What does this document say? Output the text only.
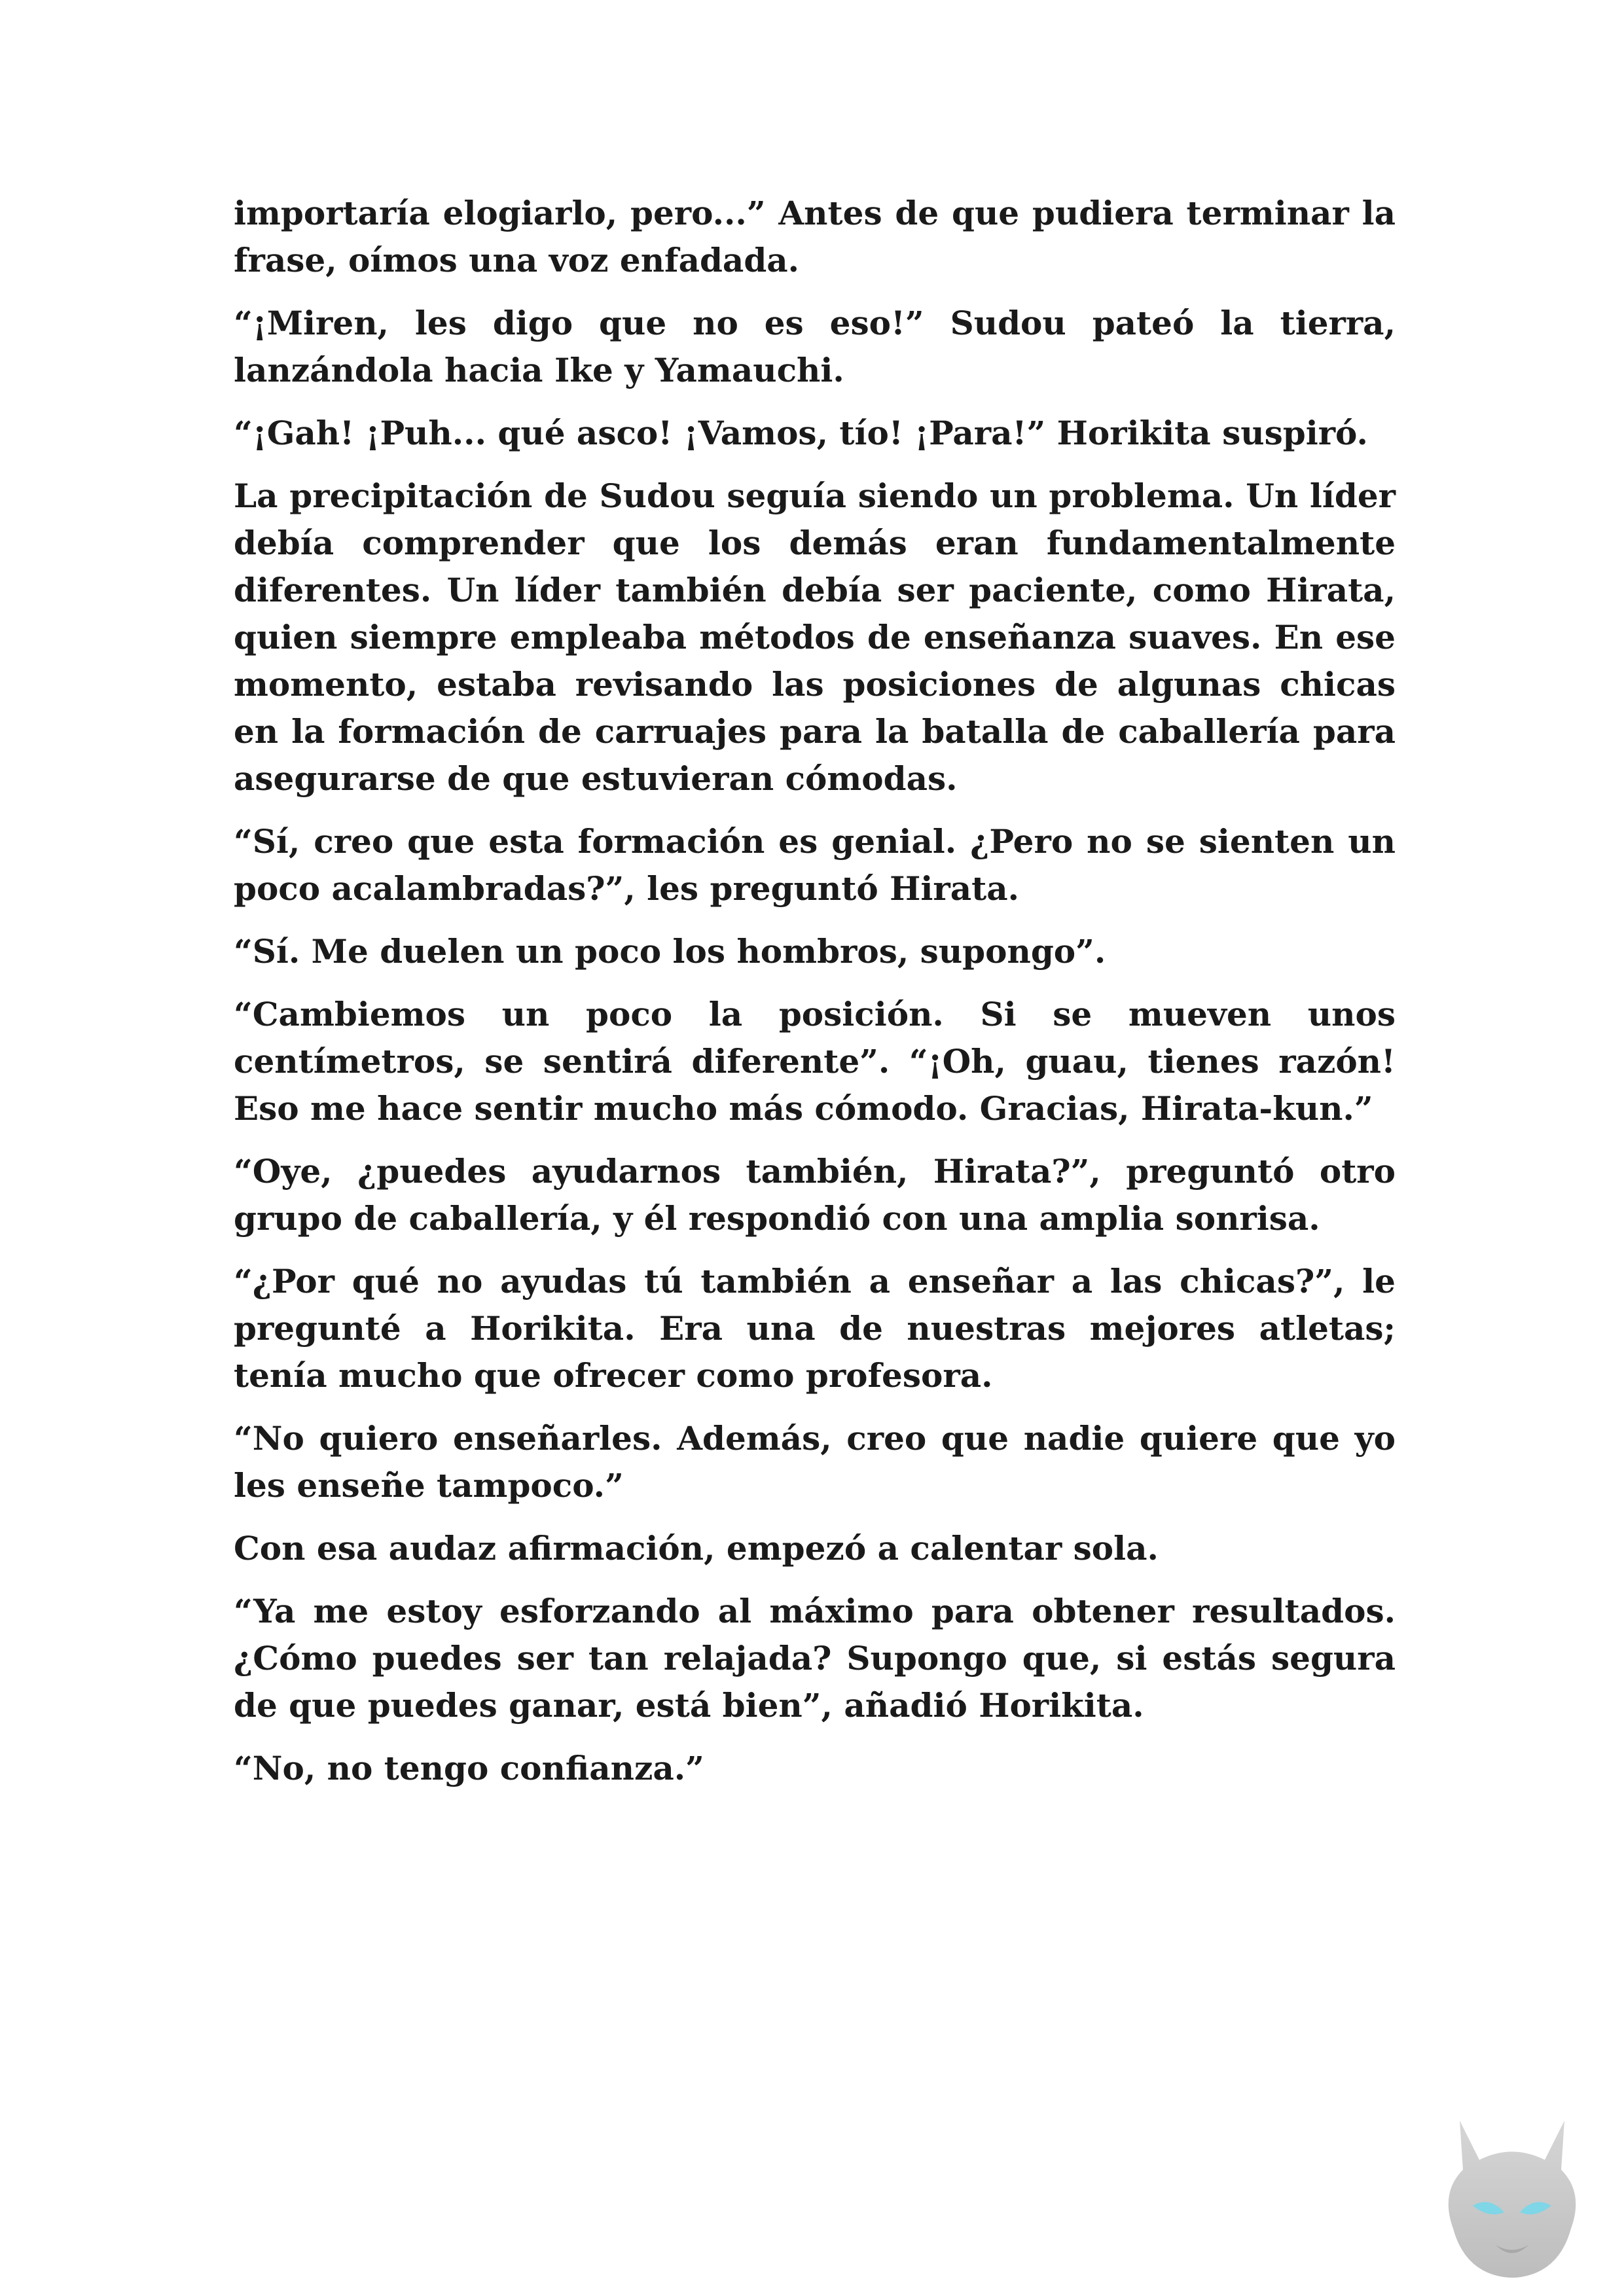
importaría elogiarlo, pero...” Antes de que pudiera terminar la frase, oímos una voz enfadada.

“¡Miren, les digo que no es eso!” Sudou pateó la tierra, lanzándola hacia Ike y Yamauchi.

“¡Gah! ¡Puh... qué asco! ¡Vamos, tío! ¡Para!” Horikita suspiró.

La precipitación de Sudou seguía siendo un problema. Un líder debía comprender que los demás eran fundamentalmente diferentes. Un líder también debía ser paciente, como Hirata, quien siempre empleaba métodos de enseñanza suaves. En ese momento, estaba revisando las posiciones de algunas chicas en la formación de carruajes para la batalla de caballería para asegurarse de que estuvieran cómodas.

“Sí, creo que esta formación es genial. ¿Pero no se sienten un poco acalambradas?”, les preguntó Hirata.

“Sí. Me duelen un poco los hombros, supongo”.

“Cambiemos un poco la posición. Si se mueven unos centímetros, se sentirá diferente”. “¡Oh, guau, tienes razón! Eso me hace sentir mucho más cómodo. Gracias, Hirata-kun.”

“Oye, ¿puedes ayudarnos también, Hirata?”, preguntó otro grupo de caballería, y él respondió con una amplia sonrisa.

“¿Por qué no ayudas tú también a enseñar a las chicas?”, le pregunté a Horikita. Era una de nuestras mejores atletas; tenía mucho que ofrecer como profesora.

“No quiero enseñarles. Además, creo que nadie quiere que yo les enseñe tampoco.”

Con esa audaz afirmación, empezó a calentar sola.

“Ya me estoy esforzando al máximo para obtener resultados. ¿Cómo puedes ser tan relajada? Supongo que, si estás segura de que puedes ganar, está bien”, añadió Horikita.

“No, no tengo confianza.”
